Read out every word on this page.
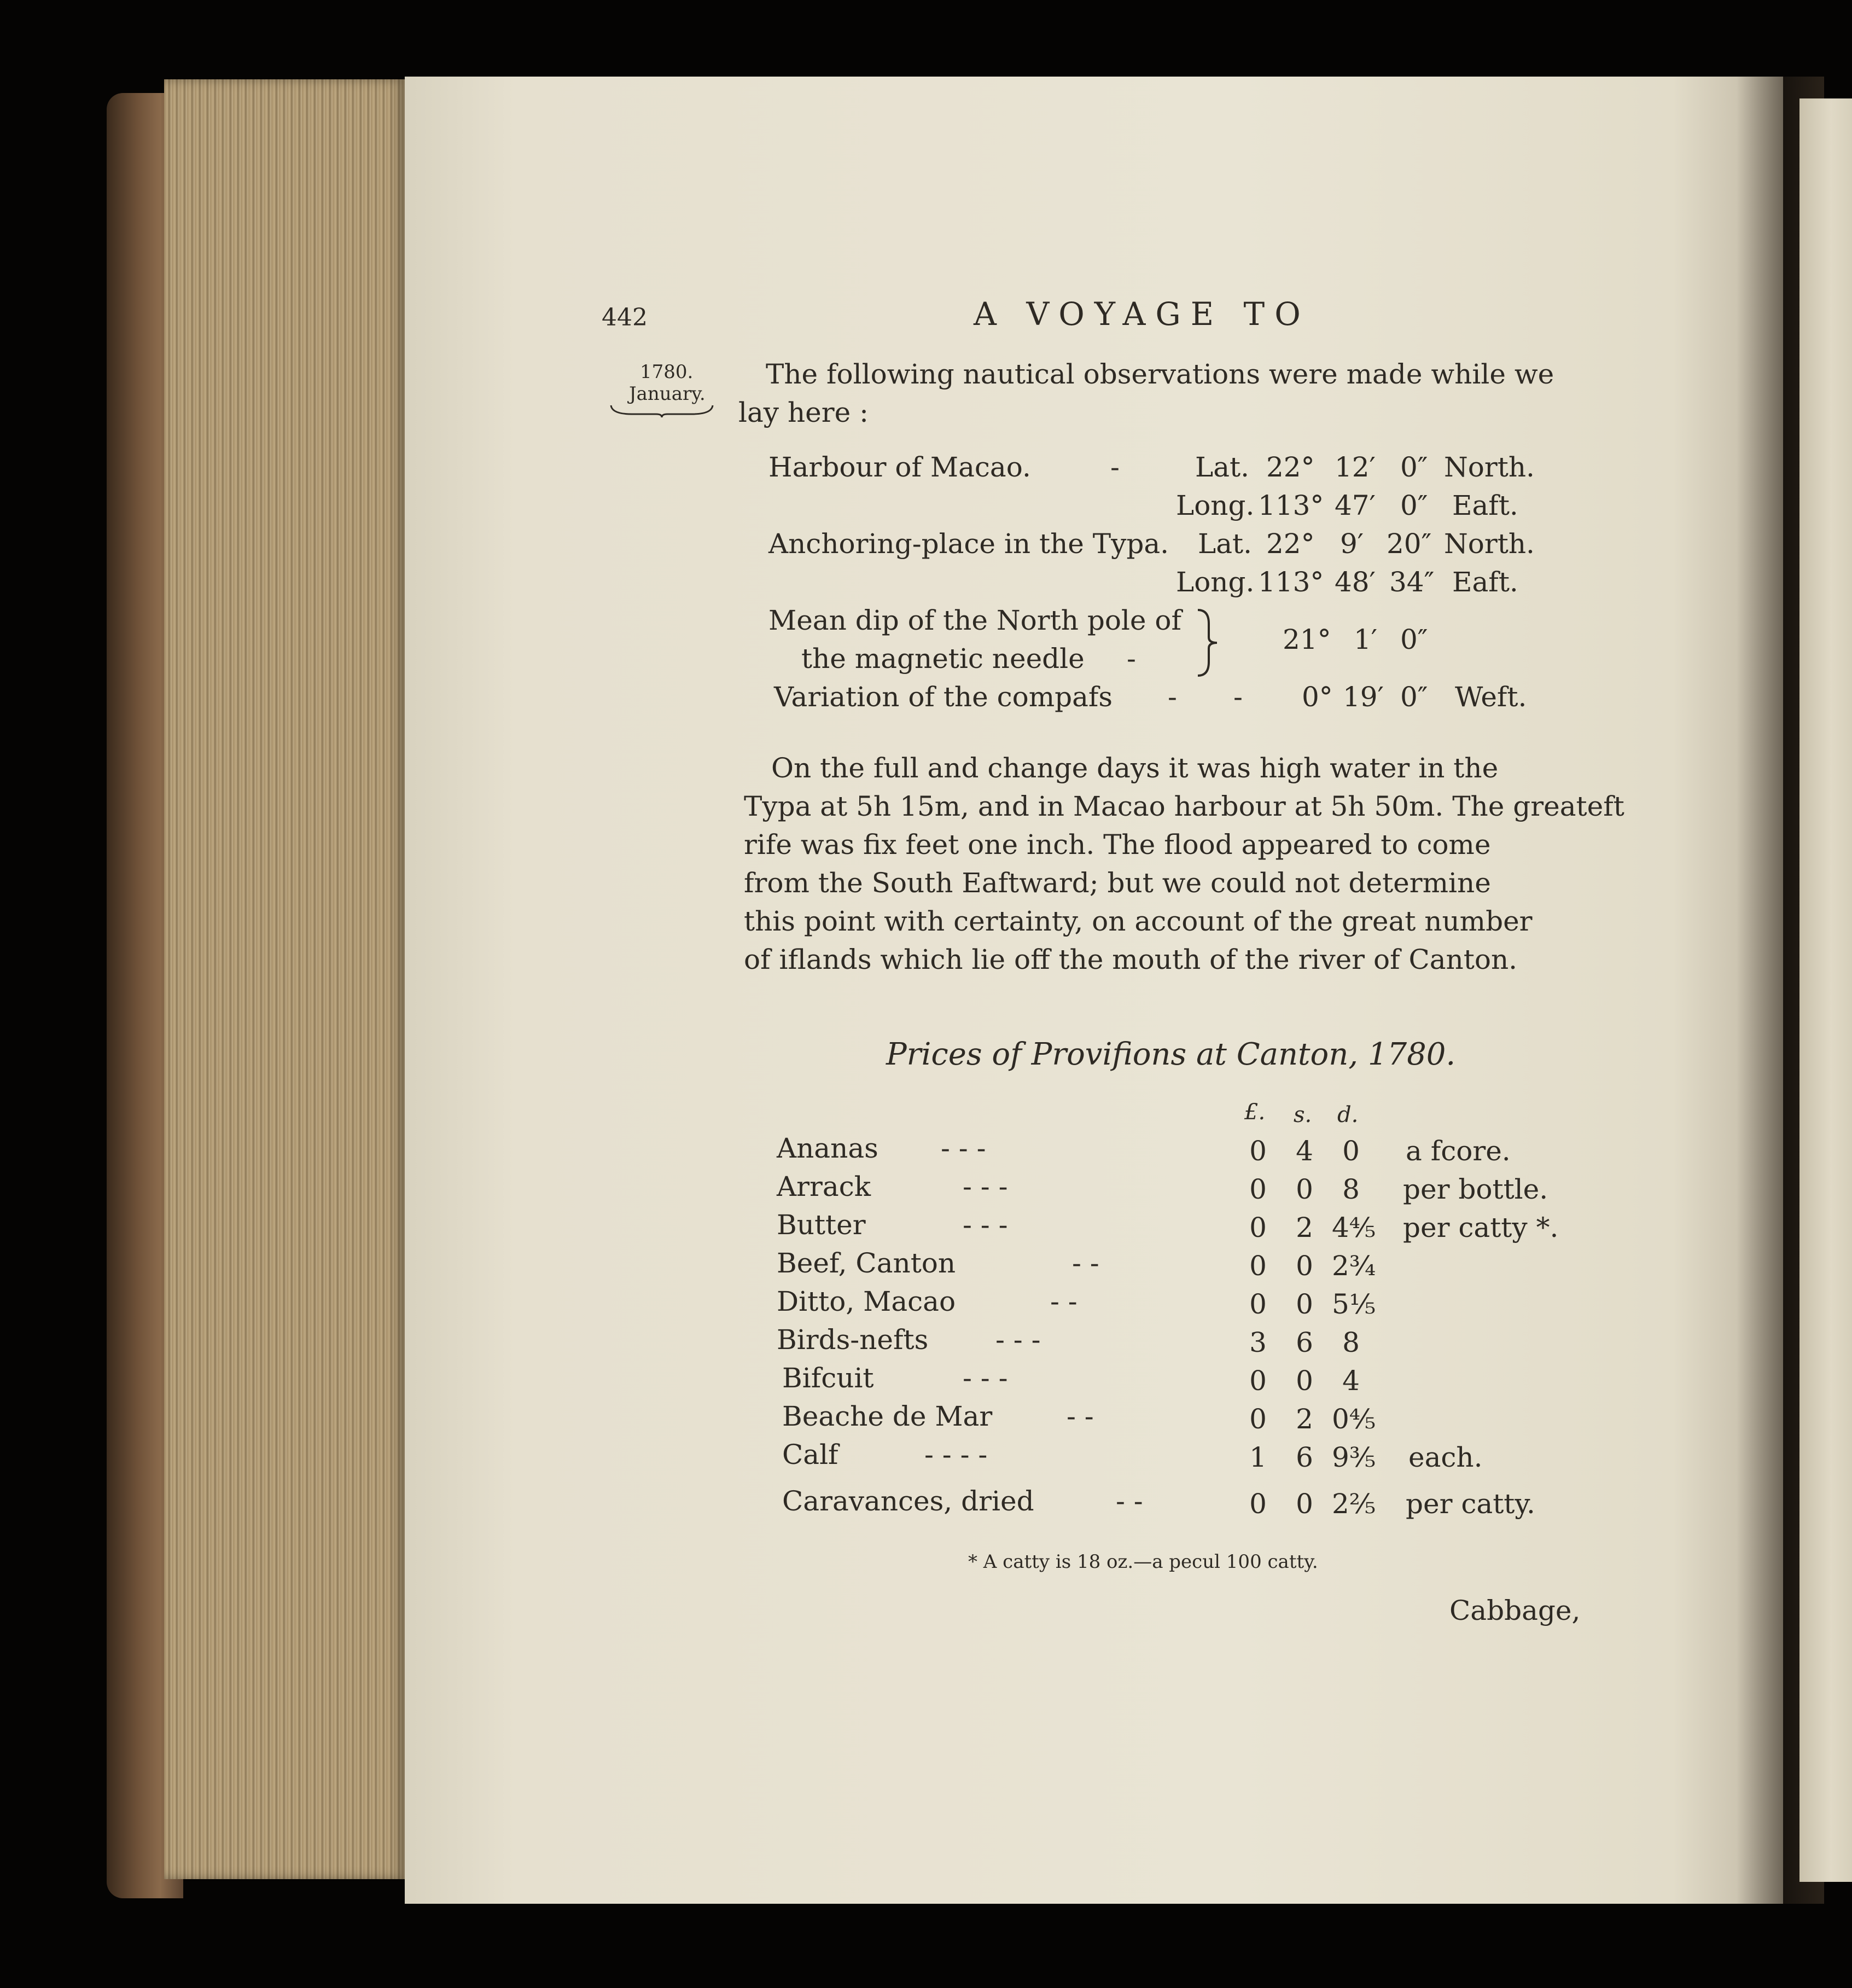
442	A VOYAGE TO
1780.
January.
The following nautical observations were made while we
lay here :
Harbour of Macao.	-	Lat. 22° 12′ 0″ North.
Long. 113° 47′ 0″ Eaft.
Anchoring-place in the Typa. Lat. 22° 9′ 20″ North.
Long. 113° 48′ 34″ Eaft.
Mean dip of the North pole of
the magnetic needle -
21° 1′ 0″
Variation of the compafs - - 0° 19′ 0″ Weft.
On the full and change days it was high water in the
Typa at 5h 15m, and in Macao harbour at 5h 50m. The greateft
rife was fix feet one inch. The flood appeared to come
from the South Eaftward; but we could not determine
this point with certainty, on account of the great number
of iflands which lie off the mouth of the river of Canton.
Prices of Provifions at Canton, 1780.
£. s. d.
Ananas - - -	0	4	0	a fcore.
Arrack	- - -	0	0	8	per bottle.
Butter	- - -	0	2 4⅘ per catty *.
Beef, Canton	- -	0	0 2¾
Ditto, Macao	- -	0	0 5⅕
Birds-nefts - - -	3	6	8
Bifcuit	- - -	0	0	4
Beache de Mar	- -	0	2 0⅘
Calf	- - - -	1	6 9⅗ each.
Caravances, dried	- -	0	0 2⅖ per catty.
* A catty is 18 oz.—a pecul 100 catty.
Cabbage,
